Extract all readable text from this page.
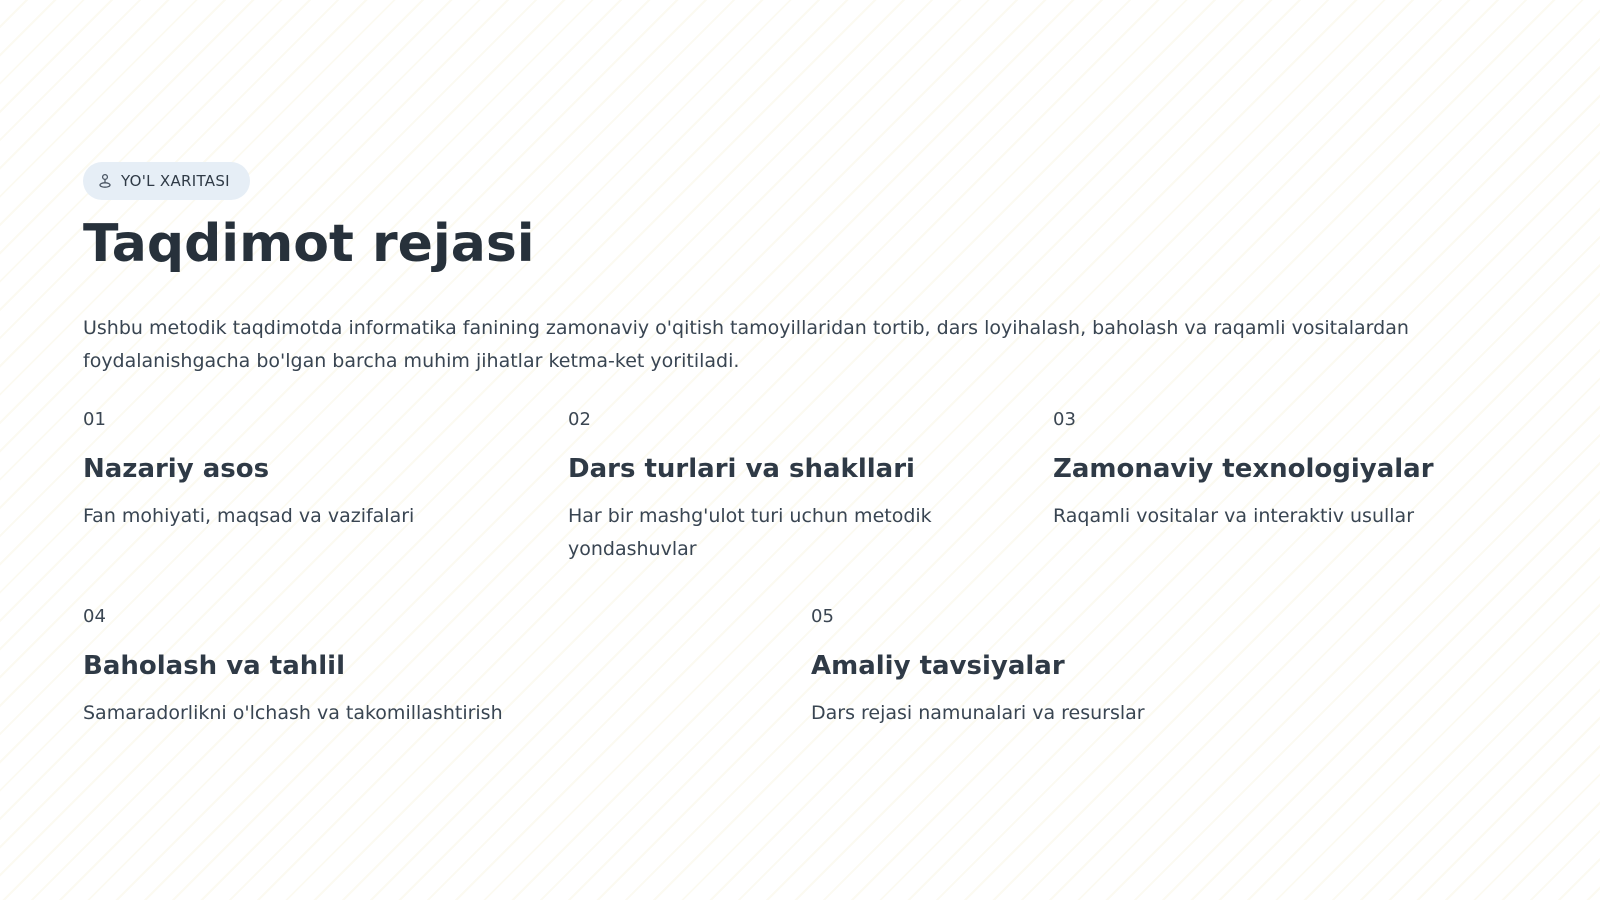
YO'L XARITASI
Taqdimot rejasi

Ushbu metodik taqdimotda informatika fanining zamonaviy o'qitish tamoyillaridan tortib, dars loyihalash, baholash va raqamli vositalardan foydalanishgacha bo'lgan barcha muhim jihatlar ketma-ket yoritiladi.

01
Nazariy asos
Fan mohiyati, maqsad va vazifalari
02
Dars turlari va shakllari
Har bir mashg'ulot turi uchun metodik yondashuvlar
03
Zamonaviy texnologiyalar
Raqamli vositalar va interaktiv usullar
04
Baholash va tahlil
Samaradorlikni o'lchash va takomillashtirish
05
Amaliy tavsiyalar
Dars rejasi namunalari va resurslar
